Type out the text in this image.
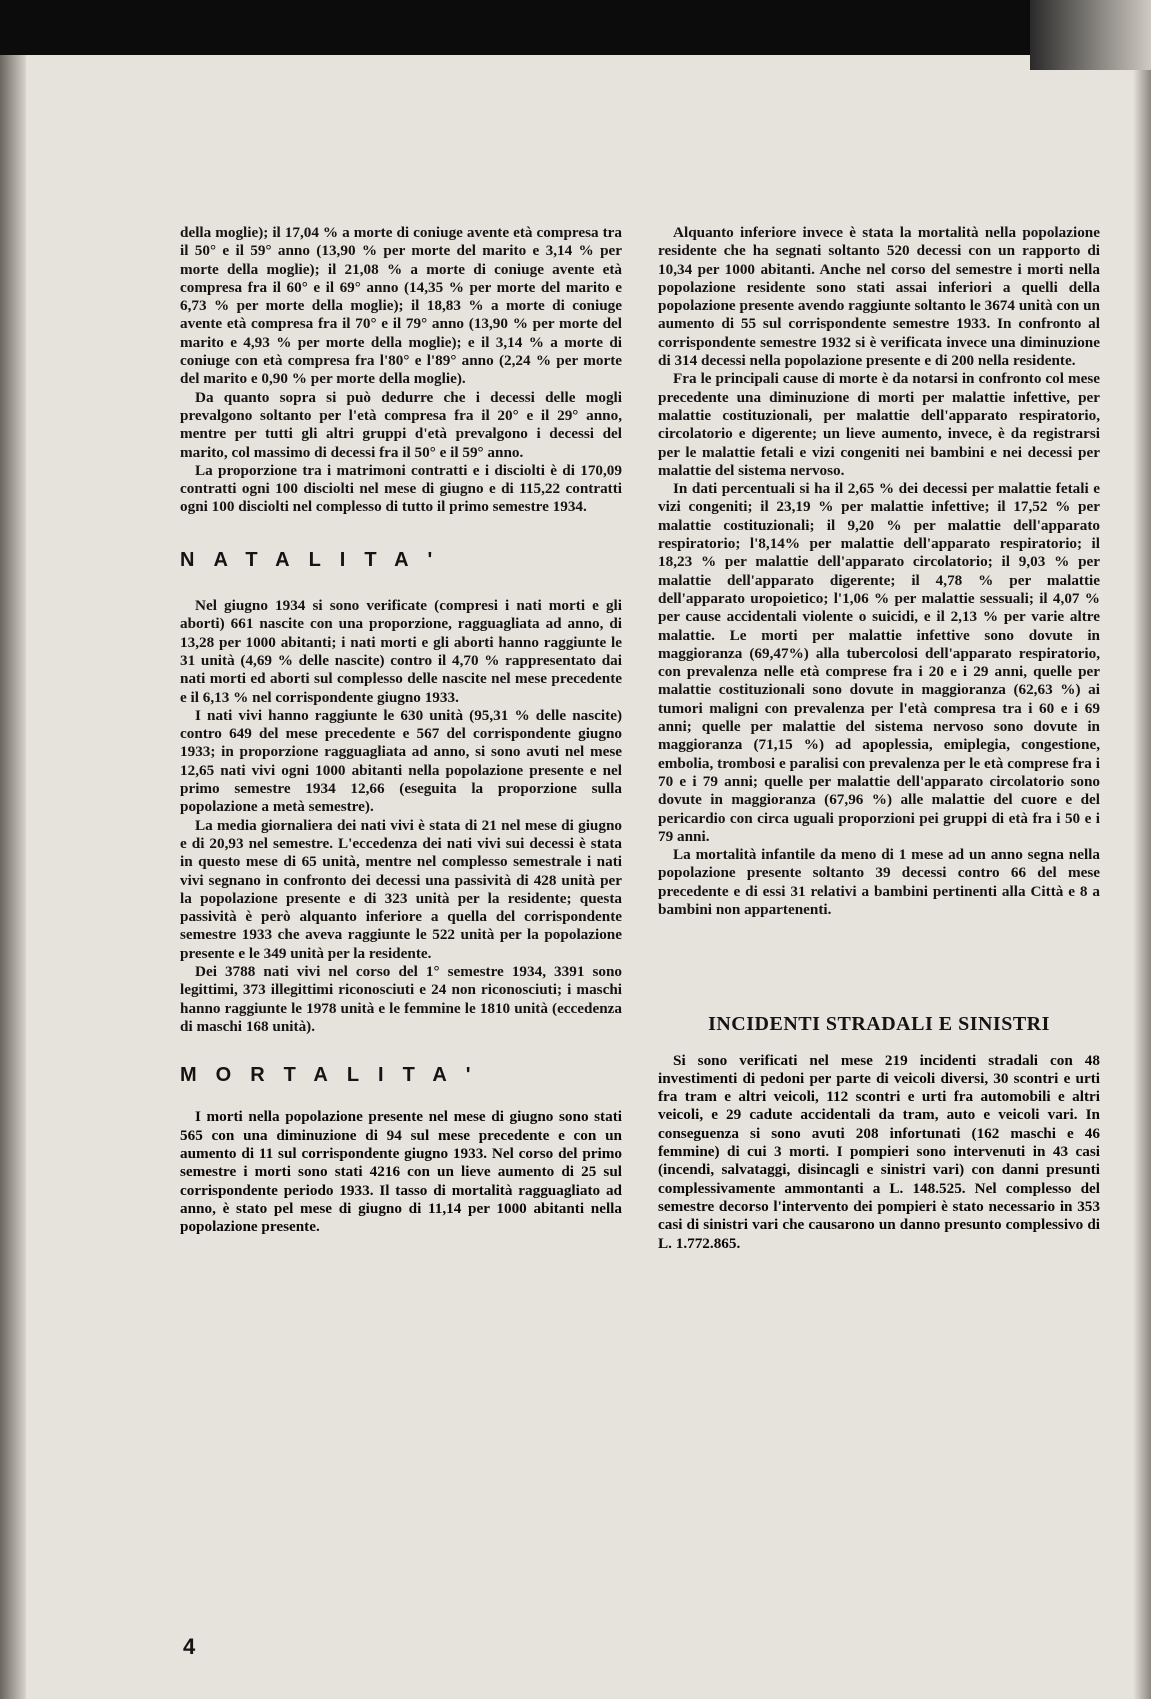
della moglie); il 17,04 % a morte di coniuge avente età compresa tra il 50° e il 59° anno (13,90 % per morte del marito e 3,14 % per morte della moglie); il 21,08 % a morte di coniuge avente età compresa fra il 60° e il 69° anno (14,35 % per morte del marito e 6,73 % per morte della moglie); il 18,83 % a morte di coniuge avente età compresa fra il 70° e il 79° anno (13,90 % per morte del marito e 4,93 % per morte della moglie); e il 3,14 % a morte di coniuge con età compresa fra l'80° e l'89° anno (2,24 % per morte del marito e 0,90 % per morte della moglie).

Da quanto sopra si può dedurre che i decessi delle mogli prevalgono soltanto per l'età compresa fra il 20° e il 29° anno, mentre per tutti gli altri gruppi d'età prevalgono i decessi del marito, col massimo di decessi fra il 50° e il 59° anno.

La proporzione tra i matrimoni contratti e i disciolti è di 170,09 contratti ogni 100 disciolti nel mese di giugno e di 115,22 contratti ogni 100 disciolti nel complesso di tutto il primo semestre 1934.

NATALITA'

Nel giugno 1934 si sono verificate (compresi i nati morti e gli aborti) 661 nascite con una proporzione, ragguagliata ad anno, di 13,28 per 1000 abitanti; i nati morti e gli aborti hanno raggiunte le 31 unità (4,69 % delle nascite) contro il 4,70 % rappresentato dai nati morti ed aborti sul complesso delle nascite nel mese precedente e il 6,13 % nel corrispondente giugno 1933.

I nati vivi hanno raggiunte le 630 unità (95,31 % delle nascite) contro 649 del mese precedente e 567 del corrispondente giugno 1933; in proporzione ragguagliata ad anno, si sono avuti nel mese 12,65 nati vivi ogni 1000 abitanti nella popolazione presente e nel primo semestre 1934 12,66 (eseguita la proporzione sulla popolazione a metà semestre).

La media giornaliera dei nati vivi è stata di 21 nel mese di giugno e di 20,93 nel semestre. L'eccedenza dei nati vivi sui decessi è stata in questo mese di 65 unità, mentre nel complesso semestrale i nati vivi segnano in confronto dei decessi una passività di 428 unità per la popolazione presente e di 323 unità per la residente; questa passività è però alquanto inferiore a quella del corrispondente semestre 1933 che aveva raggiunte le 522 unità per la popolazione presente e le 349 unità per la residente.

Dei 3788 nati vivi nel corso del 1° semestre 1934, 3391 sono legittimi, 373 illegittimi riconosciuti e 24 non riconosciuti; i maschi hanno raggiunte le 1978 unità e le femmine le 1810 unità (eccedenza di maschi 168 unità).

MORTALITA'

I morti nella popolazione presente nel mese di giugno sono stati 565 con una diminuzione di 94 sul mese precedente e con un aumento di 11 sul corrispondente giugno 1933. Nel corso del primo semestre i morti sono stati 4216 con un lieve aumento di 25 sul corrispondente periodo 1933. Il tasso di mortalità ragguagliato ad anno, è stato pel mese di giugno di 11,14 per 1000 abitanti nella popolazione presente.

Alquanto inferiore invece è stata la mortalità nella popolazione residente che ha segnati soltanto 520 decessi con un rapporto di 10,34 per 1000 abitanti. Anche nel corso del semestre i morti nella popolazione residente sono stati assai inferiori a quelli della popolazione presente avendo raggiunte soltanto le 3674 unità con un aumento di 55 sul corrispondente semestre 1933. In confronto al corrispondente semestre 1932 si è verificata invece una diminuzione di 314 decessi nella popolazione presente e di 200 nella residente.

Fra le principali cause di morte è da notarsi in confronto col mese precedente una diminuzione di morti per malattie infettive, per malattie costituzionali, per malattie dell'apparato respiratorio, circolatorio e digerente; un lieve aumento, invece, è da registrarsi per le malattie fetali e vizi congeniti nei bambini e nei decessi per malattie del sistema nervoso.

In dati percentuali si ha il 2,65 % dei decessi per malattie fetali e vizi congeniti; il 23,19 % per malattie infettive; il 17,52 % per malattie costituzionali; il 9,20 % per malattie dell'apparato respiratorio; l'8,14% per malattie dell'apparato respiratorio; il 18,23 % per malattie dell'apparato circolatorio; il 9,03 % per malattie dell'apparato digerente; il 4,78 % per malattie dell'apparato uropoietico; l'1,06 % per malattie sessuali; il 4,07 % per cause accidentali violente o suicidi, e il 2,13 % per varie altre malattie. Le morti per malattie infettive sono dovute in maggioranza (69,47%) alla tubercolosi dell'apparato respiratorio, con prevalenza nelle età comprese fra i 20 e i 29 anni, quelle per malattie costituzionali sono dovute in maggioranza (62,63 %) ai tumori maligni con prevalenza per l'età compresa tra i 60 e i 69 anni; quelle per malattie del sistema nervoso sono dovute in maggioranza (71,15 %) ad apoplessia, emiplegia, congestione, embolia, trombosi e paralisi con prevalenza per le età comprese fra i 70 e i 79 anni; quelle per malattie dell'apparato circolatorio sono dovute in maggioranza (67,96 %) alle malattie del cuore e del pericardio con circa uguali proporzioni pei gruppi di età fra i 50 e i 79 anni.

La mortalità infantile da meno di 1 mese ad un anno segna nella popolazione presente soltanto 39 decessi contro 66 del mese precedente e di essi 31 relativi a bambini pertinenti alla Città e 8 a bambini non appartenenti.

INCIDENTI STRADALI E SINISTRI

Si sono verificati nel mese 219 incidenti stradali con 48 investimenti di pedoni per parte di veicoli diversi, 30 scontri e urti fra tram e altri veicoli, 112 scontri e urti fra automobili e altri veicoli, e 29 cadute accidentali da tram, auto e veicoli vari. In conseguenza si sono avuti 208 infortunati (162 maschi e 46 femmine) di cui 3 morti. I pompieri sono intervenuti in 43 casi (incendi, salvataggi, disincagli e sinistri vari) con danni presunti complessivamente ammontanti a L. 148.525. Nel complesso del semestre decorso l'intervento dei pompieri è stato necessario in 353 casi di sinistri vari che causarono un danno presunto complessivo di L. 1.772.865.

4
